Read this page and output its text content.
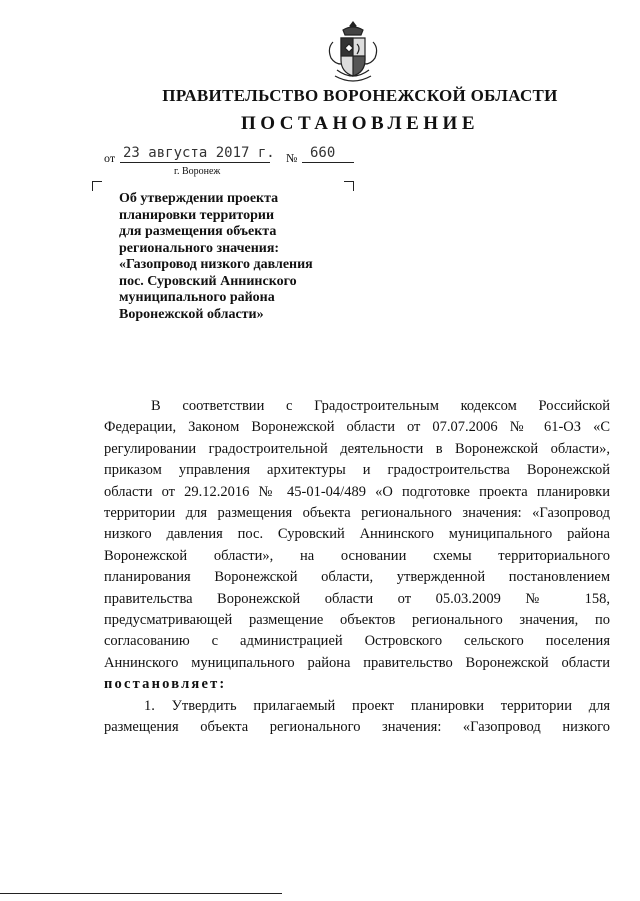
ПРАВИТЕЛЬСТВО ВОРОНЕЖСКОЙ ОБЛАСТИ
ПОСТАНОВЛЕНИЕ
от 23 августа 2017 г. № 660
г. Воронеж
Об утверждении проекта
планировки территории
для размещения объекта
регионального значения:
«Газопровод низкого давления
пос. Суровский Аннинского
муниципального района
Воронежской области»
В соответствии с Градостроительным кодексом Российской
Федерации, Законом Воронежской области от 07.07.2006 № 61-ОЗ «С
регулировании градостроительной деятельности в Воронежской области»,
приказом управления архитектуры и градостроительства Воронежской
области от 29.12.2016 № 45-01-04/489 «О подготовке проекта планировки
территории для размещения объекта регионального значения: «Газопровод
низкого давления пос. Суровский Аннинского муниципального района
Воронежской области», на основании схемы территориального
планирования Воронежской области, утвержденной постановлением
правительства Воронежской области от 05.03.2009 № 158,
предусматривающей размещение объектов регионального значения, по
согласованию с администрацией Островского сельского поселения
Аннинского муниципального района правительство Воронежской области
постановляет:
1. Утвердить прилагаемый проект планировки территории для
размещения объекта регионального значения: «Газопровод низкого
